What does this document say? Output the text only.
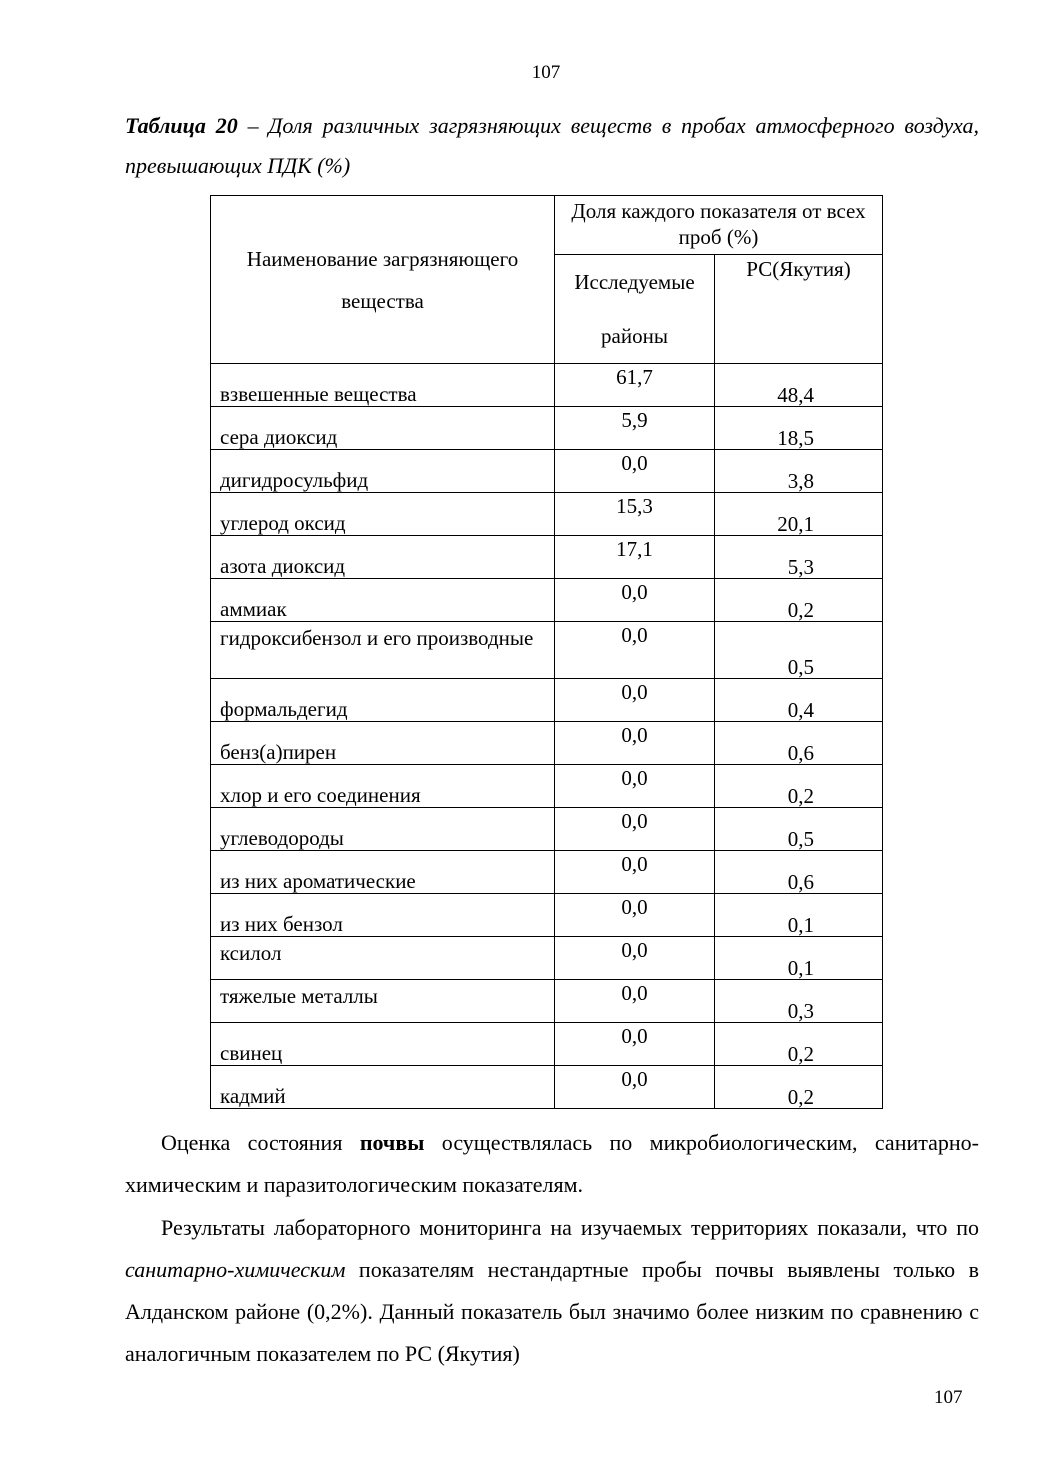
107
Таблица 20 – Доля различных загрязняющих веществ в пробах атмосферного воздуха, превышающих ПДК (%)
Наименование загрязняющего вещества	Доля каждого показателя от всех проб (%)	
	Исследуемые районы	РС(Якутия)

взвешенные вещества	61,7	48,4

сера диоксид	5,9	18,5

дигидросульфид	0,0	3,8

углерод оксид	15,3	20,1

азота диоксид	17,1	5,3

аммиак	0,0	0,2

гидроксибензол и его производные	0,0	0,5

формальдегид	0,0	0,4

бенз(а)пирен	0,0	0,6

хлор и его соединения	0,0	0,2

углеводороды	0,0	0,5

из них ароматические	0,0	0,6

из них бензол	0,0	0,1

ксилол	0,0	0,1

тяжелые металлы	0,0	0,3

свинец	0,0	0,2

кадмий	0,0	0,2
Оценка состояния почвы осуществлялась по микробиологическим, санитарно-химическим и паразитологическим показателям.
Результаты лабораторного мониторинга на изучаемых территориях показали, что по санитарно-химическим показателям нестандартные пробы почвы выявлены только в Алданском районе (0,2%). Данный показатель был значимо более низким по сравнению с аналогичным показателем по РС (Якутия)
107
